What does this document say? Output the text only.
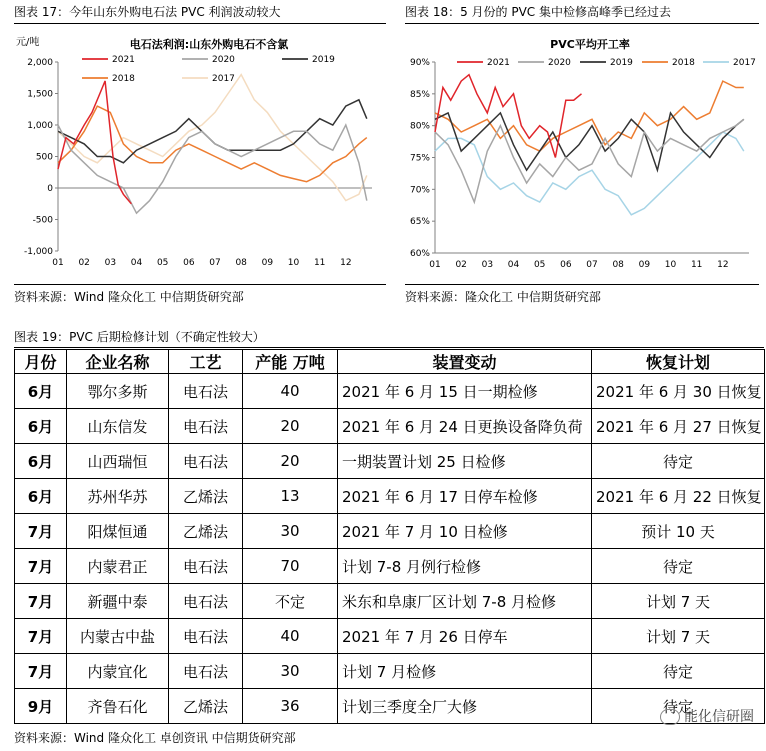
图表 17：今年山东外购电石法 PVC 利润波动较大
2,000
1,500
1,000
500
0
-500
-1,000
01 02 03 04 05 06 07 08 09 10 11 12
电石法利润:山东外购电石不含氯
元/吨
2021	2020	2019
2018	2017
资料来源：Wind 隆众化工 中信期货研究部
图表 18：5 月份的 PVC 集中检修高峰季已经过去
90%
85%
80%
75%
70%
65%
60%
01 02 03 04 05 06 07 08 09 10 11 12
PVC平均开工率
2021	2020	2019	2018	2017
资料来源：隆众化工 中信期货研究部
图表 19：PVC 后期检修计划（不确定性较大）
月份	企业名称	工艺	产能 万吨	装置变动	恢复计划
6月	鄂尔多斯	电石法	40	2021 年 6 月 15 日一期检修	2021 年 6 月 30 日恢复
6月	山东信发	电石法	20	2021 年 6 月 24 日更换设备降负荷	2021 年 6 月 27 日恢复
6月	山西瑞恒	电石法	20	一期装置计划 25 日检修	待定
6月	苏州华苏	乙烯法	13	2021 年 6 月 17 日停车检修	2021 年 6 月 22 日恢复
7月	阳煤恒通	乙烯法	30	2021 年 7 月 10 日检修	预计 10 天
7月	内蒙君正	电石法	70	计划 7-8 月例行检修	待定
7月	新疆中泰	电石法	不定	米东和阜康厂区计划 7-8 月检修	计划 7 天
7月	内蒙古中盐	电石法	40	2021 年 7 月 26 日停车	计划 7 天
7月	内蒙宜化	电石法	30	计划 7 月检修	待定
9月	齐鲁石化	乙烯法	36	计划三季度全厂大修	待定
资料来源：Wind 隆众化工 卓创资讯 中信期货研究部
能化信研圈
